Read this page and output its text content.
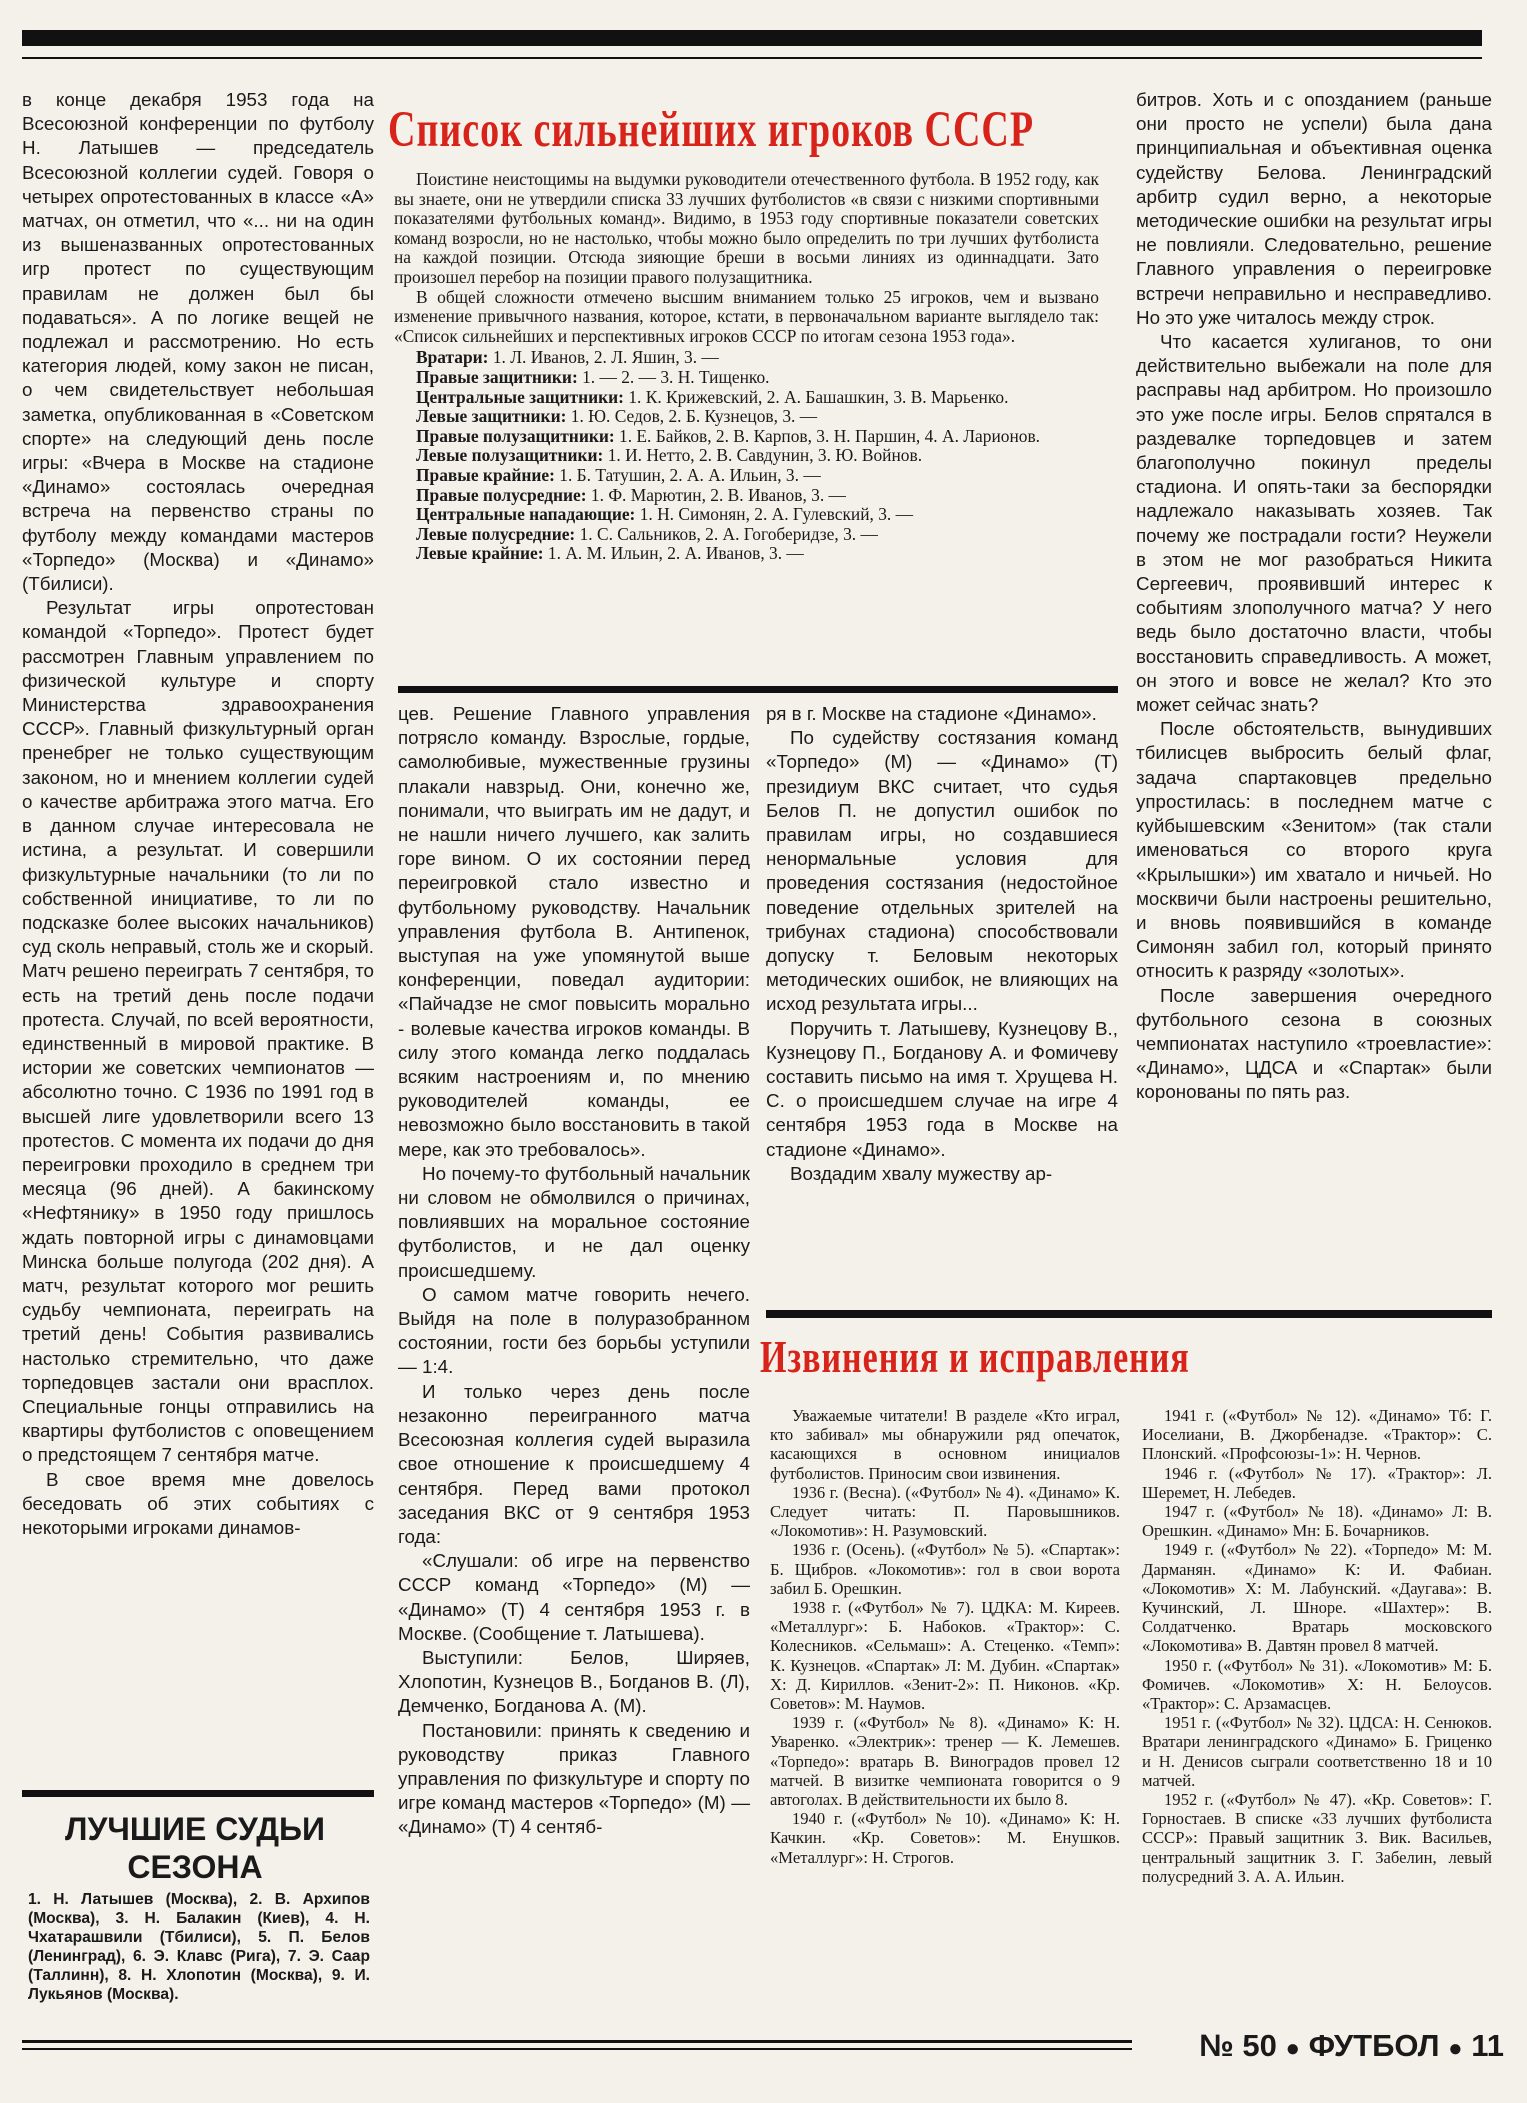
в конце декабря 1953 года на Всесоюзной конференции по футболу Н. Латышев — председатель Всесоюзной коллегии судей. Говоря о четырех опротестованных в классе «А» матчах, он отметил, что «... ни на один из вышеназванных опротестованных игр протест по существующим правилам не должен был бы подаваться». А по логике вещей не подлежал и рассмотрению. Но есть категория людей, кому закон не писан, о чем свидетельствует небольшая заметка, опубликованная в «Советском спорте» на следующий день после игры: «Вчера в Москве на стадионе «Динамо» состоялась очередная встреча на первенство страны по футболу между командами мастеров «Торпедо» (Москва) и «Динамо» (Тбилиси).

Результат игры опротестован командой «Торпедо». Протест будет рассмотрен Главным управлением по физической культуре и спорту Министерства здравоохранения СССР». Главный физкультурный орган пренебрег не только существующим законом, но и мнением коллегии судей о качестве арбитража этого матча. Его в данном случае интересовала не истина, а результат. И совершили физкультурные начальники (то ли по собственной инициативе, то ли по подсказке более высоких начальников) суд сколь неправый, столь же и скорый. Матч решено переиграть 7 сентября, то есть на третий день после подачи протеста. Случай, по всей вероятности, единственный в мировой практике. В истории же советских чемпионатов — абсолютно точно. С 1936 по 1991 год в высшей лиге удовлетворили всего 13 протестов. С момента их подачи до дня переигровки проходило в среднем три месяца (96 дней). А бакинскому «Нефтянику» в 1950 году пришлось ждать повторной игры с динамовцами Минска больше полугода (202 дня). А матч, результат которого мог решить судьбу чемпионата, переиграть на третий день! События развивались настолько стремительно, что даже торпедовцев застали они врасплох. Специальные гонцы отправились на квартиры футболистов с оповещением о предстоящем 7 сентября матче.

В свое время мне довелось беседовать об этих событиях с некоторыми игроками динамов-

ЛУЧШИЕ СУДЬИ СЕЗОНА
1. Н. Латышев (Москва), 2. В. Архипов (Москва), 3. Н. Балакин (Киев), 4. Н. Чхатарашвили (Тбилиси), 5. П. Белов (Ленинград), 6. Э. Клавс (Рига), 7. Э. Саар (Таллинн), 8. Н. Хлопотин (Москва), 9. И. Лукьянов (Москва).
Список сильнейших игроков СССР

Поистине неистощимы на выдумки руководители отечественного футбола. В 1952 году, как вы знаете, они не утвердили списка 33 лучших футболистов «в связи с низкими спортивными показателями футбольных команд». Видимо, в 1953 году спортивные показатели советских команд возросли, но не настолько, чтобы можно было определить по три лучших футболиста на каждой позиции. Отсюда зияющие бреши в восьми линиях из одиннадцати. Зато произошел перебор на позиции правого полузащитника.

В общей сложности отмечено высшим вниманием только 25 игроков, чем и вызвано изменение привычного названия, которое, кстати, в первоначальном варианте выглядело так: «Список сильнейших и перспективных игроков СССР по итогам сезона 1953 года».

Вратари: 1. Л. Иванов, 2. Л. Яшин, 3. —

Правые защитники: 1. — 2. — 3. Н. Тищенко.

Центральные защитники: 1. К. Крижевский, 2. А. Башашкин, 3. В. Марьенко.

Левые защитники: 1. Ю. Седов, 2. Б. Кузнецов, 3. —

Правые полузащитники: 1. Е. Байков, 2. В. Карпов, 3. Н. Паршин, 4. А. Ларионов.

Левые полузащитники: 1. И. Нетто, 2. В. Савдунин, 3. Ю. Войнов.

Правые крайние: 1. Б. Татушин, 2. А. А. Ильин, 3. —

Правые полусредние: 1. Ф. Марютин, 2. В. Иванов, 3. —

Центральные нападающие: 1. Н. Симонян, 2. А. Гулевский, 3. —

Левые полусредние: 1. С. Сальников, 2. А. Гогоберидзе, 3. —

Левые крайние: 1. А. М. Ильин, 2. А. Иванов, 3. —

цев. Решение Главного управления потрясло команду. Взрослые, гордые, самолюбивые, мужественные грузины плакали навзрыд. Они, конечно же, понимали, что выиграть им не дадут, и не нашли ничего лучшего, как залить горе вином. О их состоянии перед переигровкой стало известно и футбольному руководству. Начальник управления футбола В. Антипенок, выступая на уже упомянутой выше конференции, поведал аудитории: «Пайчадзе не смог повысить морально - волевые качества игроков команды. В силу этого команда легко поддалась всяким настроениям и, по мнению руководителей команды, ее невозможно было восстановить в такой мере, как это требовалось».

Но почему-то футбольный начальник ни словом не обмолвился о причинах, повлиявших на моральное состояние футболистов, и не дал оценку происшедшему.

О самом матче говорить нечего. Выйдя на поле в полуразобранном состоянии, гости без борьбы уступили — 1:4.

И только через день после незаконно переигранного матча Всесоюзная коллегия судей выразила свое отношение к происшедшему 4 сентября. Перед вами протокол заседания ВКС от 9 сентября 1953 года:

«Слушали: об игре на первенство СССР команд «Торпедо» (М) — «Динамо» (Т) 4 сентября 1953 г. в Москве. (Сообщение т. Латышева).

Выступили: Белов, Ширяев, Хлопотин, Кузнецов В., Богданов В. (Л), Демченко, Богданова А. (М).

Постановили: принять к сведению и руководству приказ Главного управления по физкультуре и спорту по игре команд мастеров «Торпедо» (М) — «Динамо» (Т) 4 сентяб-

ря в г. Москве на стадионе «Динамо».

По судейству состязания команд «Торпедо» (М) — «Динамо» (Т) президиум ВКС считает, что судья Белов П. не допустил ошибок по правилам игры, но создавшиеся ненормальные условия для проведения состязания (недостойное поведение отдельных зрителей на трибунах стадиона) способствовали допуску т. Беловым некоторых методических ошибок, не влияющих на исход результата игры...

Поручить т. Латышеву, Кузнецову В., Кузнецову П., Богданову А. и Фомичеву составить письмо на имя т. Хрущева Н. С. о происшедшем случае на игре 4 сентября 1953 года в Москве на стадионе «Динамо».

Воздадим хвалу мужеству ар-

битров. Хоть и с опозданием (раньше они просто не успели) была дана принципиальная и объективная оценка судейству Белова. Ленинградский арбитр судил верно, а некоторые методические ошибки на результат игры не повлияли. Следовательно, решение Главного управления о переигровке встречи неправильно и несправедливо. Но это уже читалось между строк.

Что касается хулиганов, то они действительно выбежали на поле для расправы над арбитром. Но произошло это уже после игры. Белов спрятался в раздевалке торпедовцев и затем благополучно покинул пределы стадиона. И опять-таки за беспорядки надлежало наказывать хозяев. Так почему же пострадали гости? Неужели в этом не мог разобраться Никита Сергеевич, проявивший интерес к событиям злополучного матча? У него ведь было достаточно власти, чтобы восстановить справедливость. А может, он этого и вовсе не желал? Кто это может сейчас знать?

После обстоятельств, вынудивших тбилисцев выбросить белый флаг, задача спартаковцев предельно упростилась: в последнем матче с куйбышевским «Зенитом» (так стали именоваться со второго круга «Крылышки») им хватало и ничьей. Но москвичи были настроены решительно, и вновь появившийся в команде Симонян забил гол, который принято относить к разряду «золотых».

После завершения очередного футбольного сезона в союзных чемпионатах наступило «троевластие»: «Динамо», ЦДСА и «Спартак» были коронованы по пять раз.

Извинения и исправления

Уважаемые читатели! В разделе «Кто играл, кто забивал» мы обнаружили ряд опечаток, касающихся в основном инициалов футболистов. Приносим свои извинения.

1936 г. (Весна). («Футбол» № 4). «Динамо» К. Следует читать: П. Паровышников. «Локомотив»: Н. Разумовский.

1936 г. (Осень). («Футбол» № 5). «Спартак»: Б. Щибров. «Локомотив»: гол в свои ворота забил Б. Орешкин.

1938 г. («Футбол» № 7). ЦДКА: М. Киреев. «Металлург»: Б. Набоков. «Трактор»: С. Колесников. «Сельмаш»: А. Стеценко. «Темп»: К. Кузнецов. «Спартак» Л: М. Дубин. «Спартак» Х: Д. Кириллов. «Зенит-2»: П. Никонов. «Кр. Советов»: М. Наумов.

1939 г. («Футбол» № 8). «Динамо» К: Н. Уваренко. «Электрик»: тренер — К. Лемешев. «Торпедо»: вратарь В. Виноградов провел 12 матчей. В визитке чемпионата говорится о 9 автоголах. В действительности их было 8.

1940 г. («Футбол» № 10). «Динамо» К: Н. Качкин. «Кр. Советов»: М. Енушков. «Металлург»: Н. Строгов.

1941 г. («Футбол» № 12). «Динамо» Тб: Г. Иоселиани, В. Джорбенадзе. «Трактор»: С. Плонский. «Профсоюзы-1»: Н. Чернов.

1946 г. («Футбол» № 17). «Трактор»: Л. Шеремет, Н. Лебедев.

1947 г. («Футбол» № 18). «Динамо» Л: В. Орешкин. «Динамо» Мн: Б. Бочарников.

1949 г. («Футбол» № 22). «Торпедо» М: М. Дарманян. «Динамо» К: И. Фабиан. «Локомотив» Х: М. Лабунский. «Даугава»: В. Кучинский, Л. Шноре. «Шахтер»: В. Солдатченко. Вратарь московского «Локомотива» В. Давтян провел 8 матчей.

1950 г. («Футбол» № 31). «Локомотив» М: Б. Фомичев. «Локомотив» Х: Н. Белоусов. «Трактор»: С. Арзамасцев.

1951 г. («Футбол» № 32). ЦДСА: Н. Сенюков. Вратари ленинградского «Динамо» Б. Гриценко и Н. Денисов сыграли соответственно 18 и 10 матчей.

1952 г. («Футбол» № 47). «Кр. Советов»: Г. Горностаев. В списке «33 лучших футболиста СССР»: Правый защитник З. Вик. Васильев, центральный защитник З. Г. Забелин, левый полусредний З. А. А. Ильин.

№ 50 ● ФУТБОЛ ● 11
